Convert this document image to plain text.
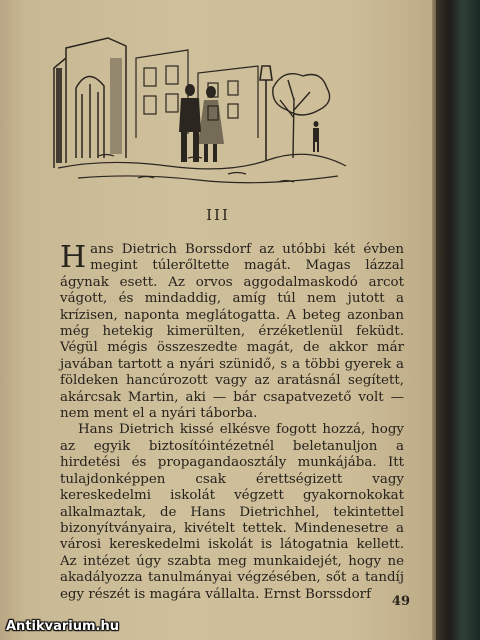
III

Hans Dietrich Borssdorf az utóbbi két évben megint túlerőltette magát. Magas lázzal ágynak esett. Az orvos aggodalmaskodó arcot vágott, és mindaddig, amíg túl nem jutott a krízisen, naponta meglátogatta. A beteg azonban még hetekig kimerülten, érzéketlenül feküdt. Végül mégis összeszedte magát, de akkor már javában tartott a nyári szünidő, s a többi gyerek a földeken hancúrozott vagy az aratásnál segített, akárcsak Martin, aki — bár csapatvezető volt — nem ment el a nyári táborba.

Hans Dietrich kissé elkésve fogott hozzá, hogy az egyik biztosítóintézetnél beletanuljon a hirdetési és propagandaosztály munkájába. Itt tulajdonképpen csak érettségizett vagy kereskedelmi iskolát végzett gyakornokokat alkalmaztak, de Hans Dietrichhel, tekintettel bizonyítványaira, kivételt tettek. Mindenesetre a városi kereskedelmi iskolát is látogatnia kellett. Az intézet úgy szabta meg munkaidejét, hogy ne akadályozza tanulmányai végzésében, sőt a tandíj egy részét is magára vállalta. Ernst Borssdorf	49
Antikvarium.hu
